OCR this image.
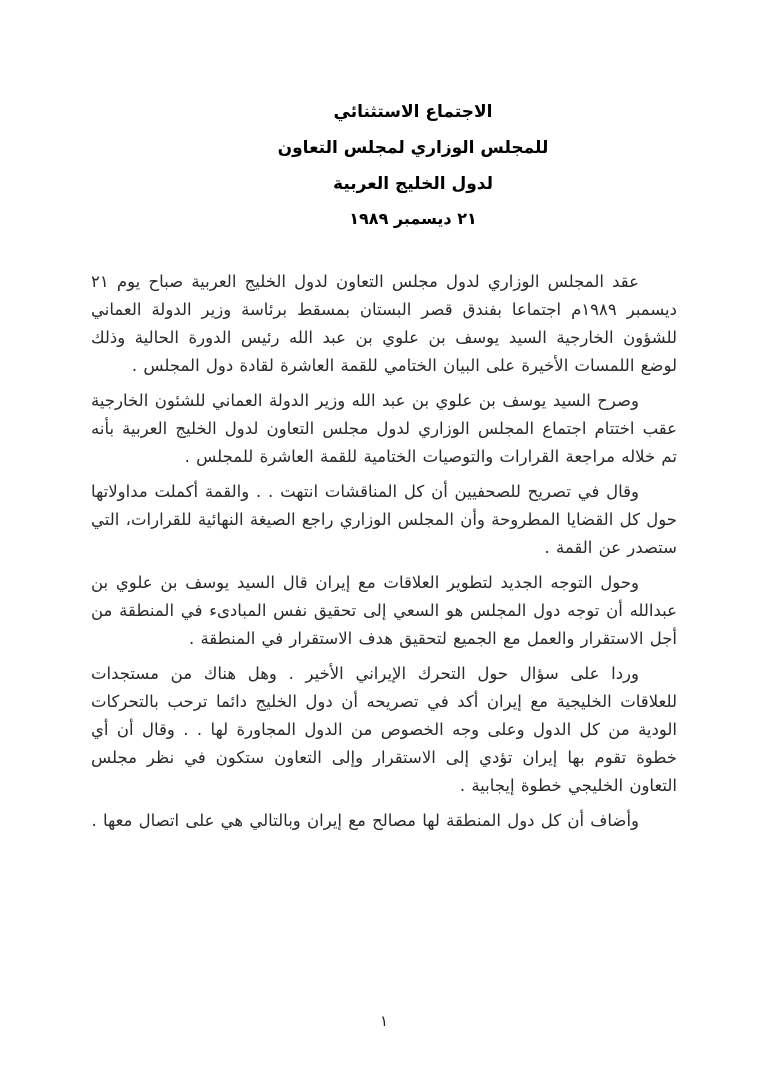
الاجتماع الاستثنائي
للمجلس الوزاري لمجلس التعاون
لدول الخليج العربية
٢١ ديسمبر ١٩٨٩

عقد المجلس الوزاري لدول مجلس التعاون لدول الخليج العربية صباح يوم ٢١ ديسمبر ١٩٨٩م اجتماعا بفندق قصر البستان بمسقط برئاسة وزير الدولة العماني للشؤون الخارجية السيد يوسف بن علوي بن عبد الله رئيس الدورة الحالية وذلك لوضع اللمسات الأخيرة على البيان الختامي للقمة العاشرة لقادة دول المجلس .

وصرح السيد يوسف بن علوي بن عبد الله وزير الدولة العماني للشئون الخارجية عقب اختتام اجتماع المجلس الوزاري لدول مجلس التعاون لدول الخليج العربية بأنه تم خلاله مراجعة القرارات والتوصيات الختامية للقمة العاشرة للمجلس .

وقال في تصريح للصحفيين أن كل المناقشات انتهت . . والقمة أكملت مداولاتها حول كل القضايا المطروحة وأن المجلس الوزاري راجع الصيغة النهائية للقرارات، التي ستصدر عن القمة .

وحول التوجه الجديد لتطوير العلاقات مع إيران قال السيد يوسف بن علوي بن عبدالله أن توجه دول المجلس هو السعي إلى تحقيق نفس المبادىء في المنطقة من أجل الاستقرار والعمل مع الجميع لتحقيق هدف الاستقرار في المنطقة .

وردا على سؤال حول التحرك الإيراني الأخير . وهل هناك من مستجدات للعلاقات الخليجية مع إيران أكد في تصريحه أن دول الخليج دائما ترحب بالتحركات الودية من كل الدول وعلى وجه الخصوص من الدول المجاورة لها . . وقال أن أي خطوة تقوم بها إيران تؤدي إلى الاستقرار وإلى التعاون ستكون في نظر مجلس التعاون الخليجي خطوة إيجابية .

وأضاف أن كل دول المنطقة لها مصالح مع إيران وبالتالي هي على اتصال معها .

١
